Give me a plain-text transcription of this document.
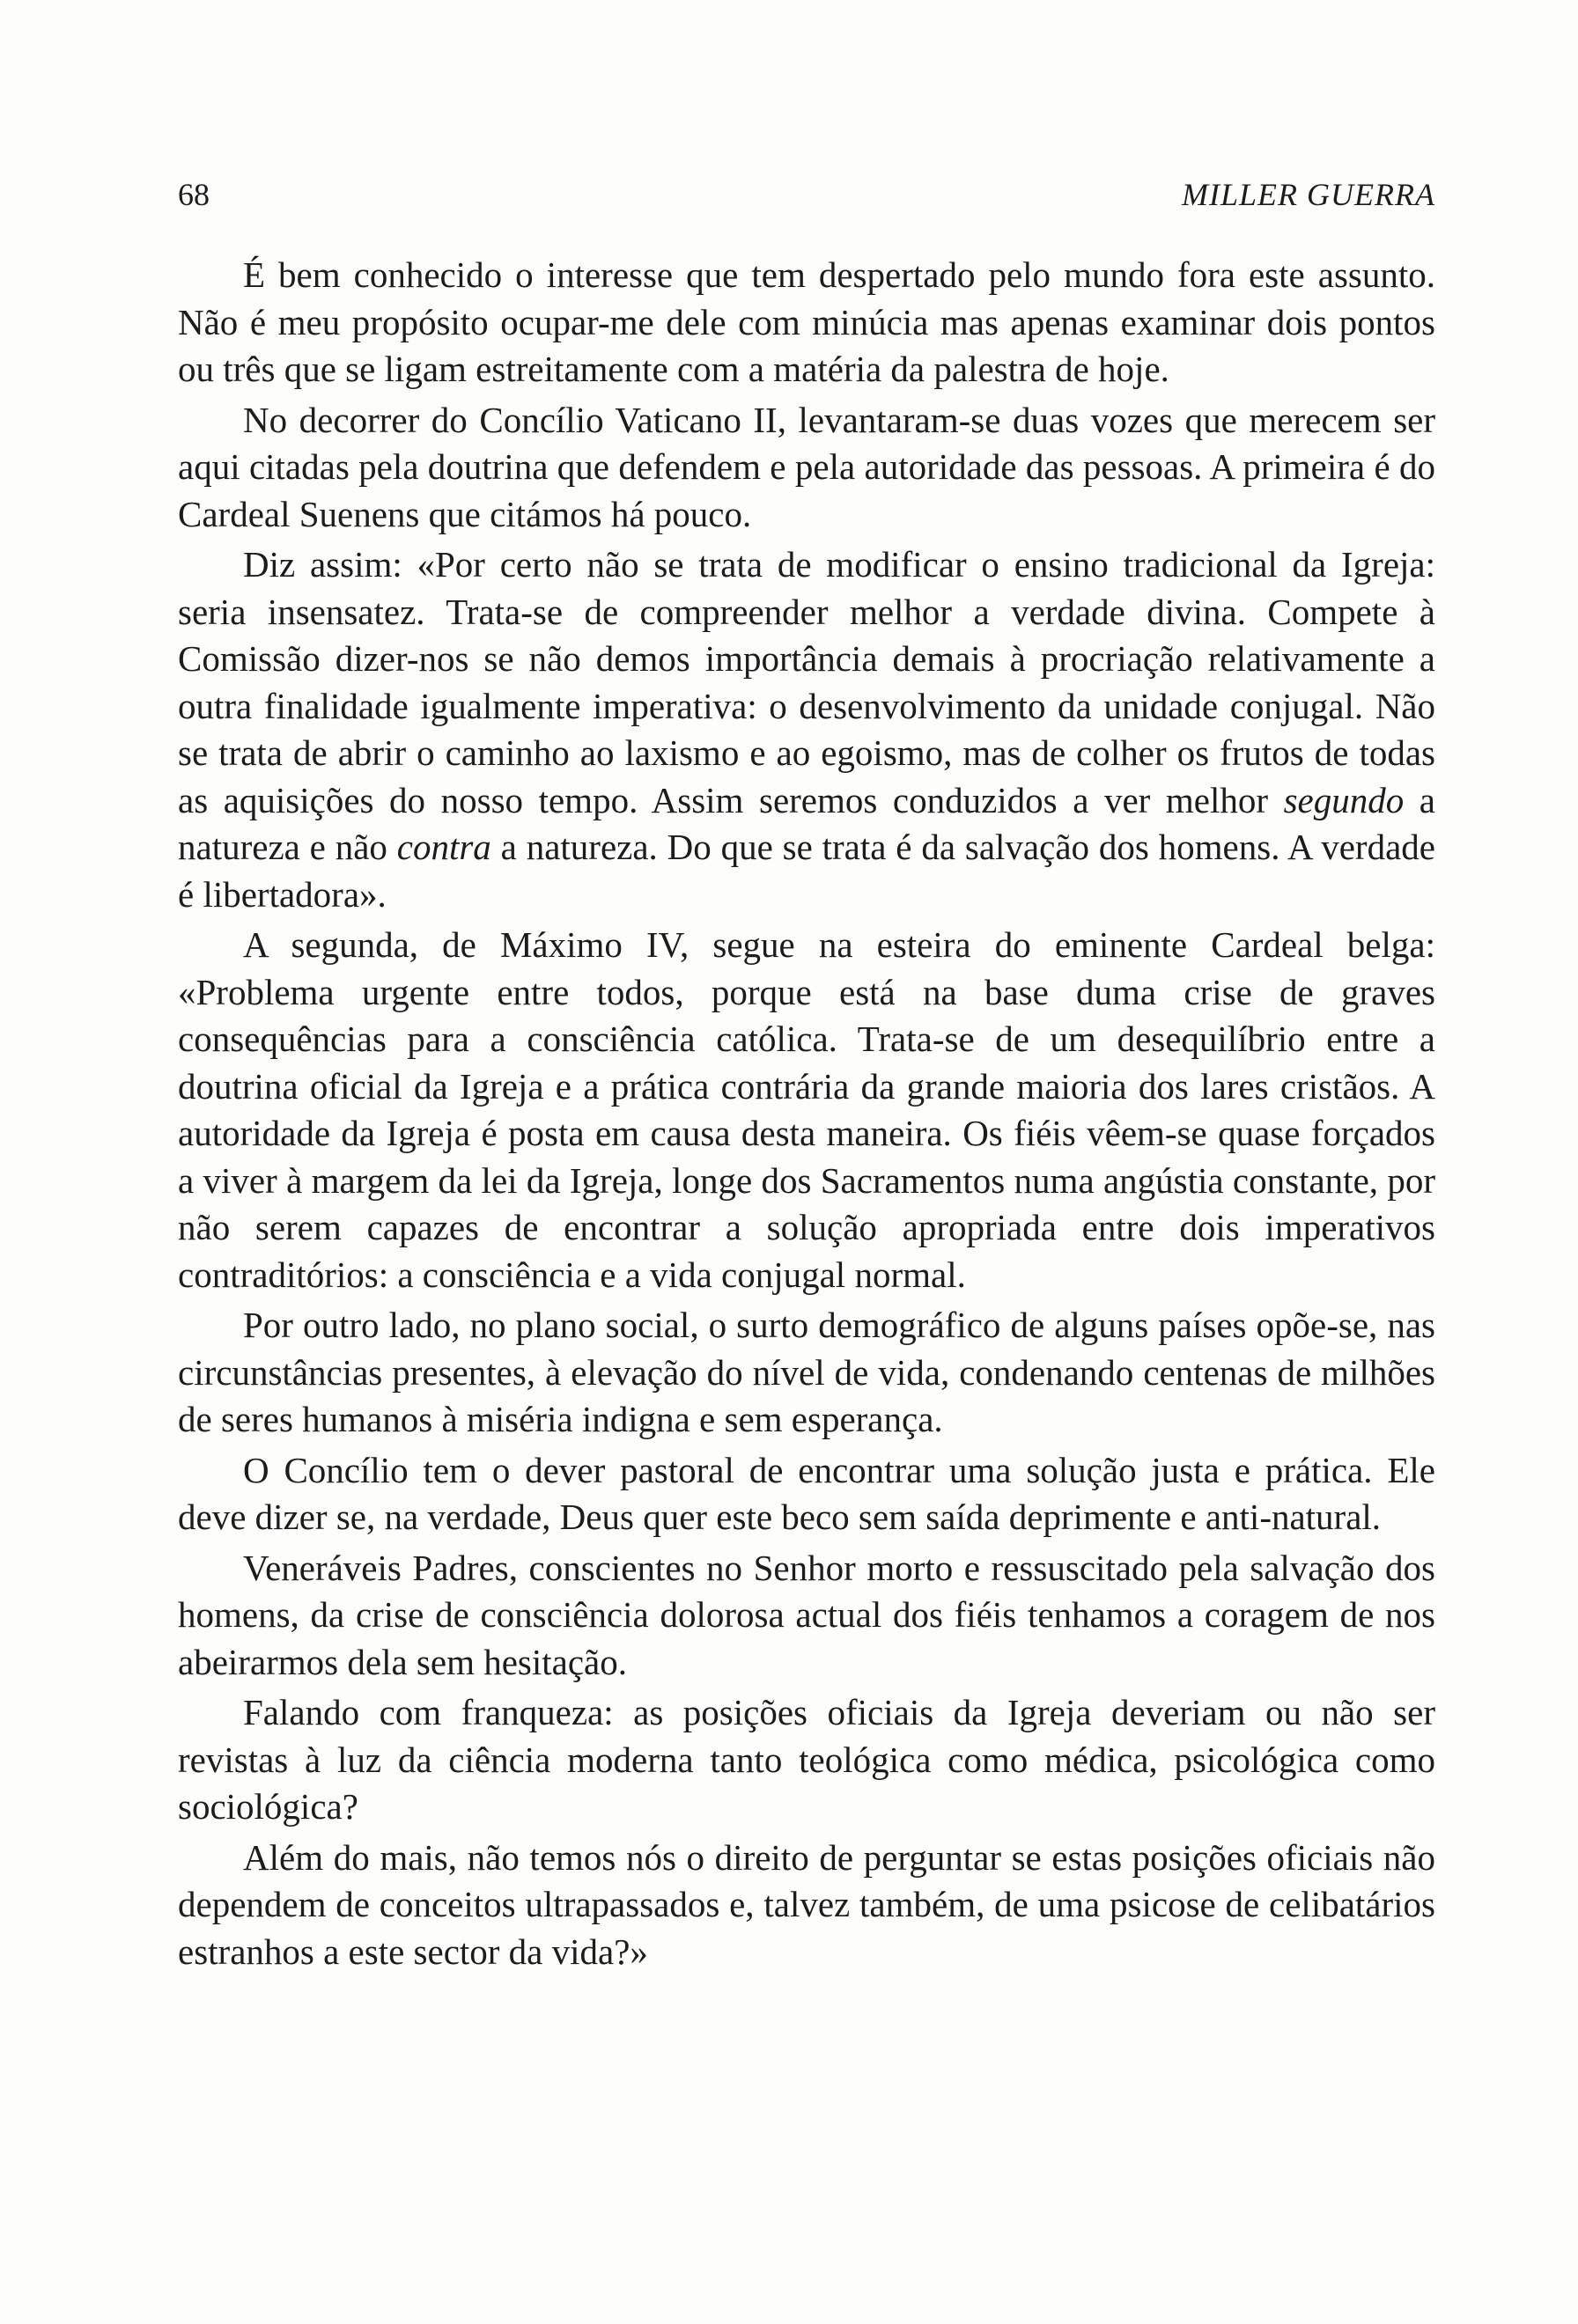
68	MILLER GUERRA

É bem conhecido o interesse que tem despertado pelo mundo fora este assunto. Não é meu propósito ocupar-me dele com minúcia mas apenas examinar dois pontos ou três que se ligam estreitamente com a matéria da palestra de hoje.

No decorrer do Concílio Vaticano II, levantaram-se duas vozes que merecem ser aqui citadas pela doutrina que defendem e pela autoridade das pessoas. A primeira é do Cardeal Suenens que citámos há pouco.

Diz assim: «Por certo não se trata de modificar o ensino tradicional da Igreja: seria insensatez. Trata-se de compreender melhor a verdade divina. Compete à Comissão dizer-nos se não demos importância demais à procriação relativamente a outra finalidade igualmente imperativa: o desenvolvimento da unidade conjugal. Não se trata de abrir o caminho ao laxismo e ao egoismo, mas de colher os frutos de todas as aquisições do nosso tempo. Assim seremos conduzidos a ver melhor segundo a natureza e não contra a natureza. Do que se trata é da salvação dos homens. A verdade é libertadora».

A segunda, de Máximo IV, segue na esteira do eminente Cardeal belga: «Problema urgente entre todos, porque está na base duma crise de graves consequências para a consciência católica. Trata-se de um desequilíbrio entre a doutrina oficial da Igreja e a prática contrária da grande maioria dos lares cristãos. A autoridade da Igreja é posta em causa desta maneira. Os fiéis vêem-se quase forçados a viver à margem da lei da Igreja, longe dos Sacramentos numa angústia constante, por não serem capazes de encontrar a solução apropriada entre dois imperativos contraditórios: a consciência e a vida conjugal normal.

Por outro lado, no plano social, o surto demográfico de alguns países opõe-se, nas circunstâncias presentes, à elevação do nível de vida, condenando centenas de milhões de seres humanos à miséria indigna e sem esperança.

O Concílio tem o dever pastoral de encontrar uma solução justa e prática. Ele deve dizer se, na verdade, Deus quer este beco sem saída deprimente e anti-natural.

Veneráveis Padres, conscientes no Senhor morto e ressuscitado pela salvação dos homens, da crise de consciência dolorosa actual dos fiéis tenhamos a coragem de nos abeirarmos dela sem hesitação.

Falando com franqueza: as posições oficiais da Igreja deveriam ou não ser revistas à luz da ciência moderna tanto teológica como médica, psicológica como sociológica?

Além do mais, não temos nós o direito de perguntar se estas posições oficiais não dependem de conceitos ultrapassados e, talvez também, de uma psicose de celibatários estranhos a este sector da vida?»
